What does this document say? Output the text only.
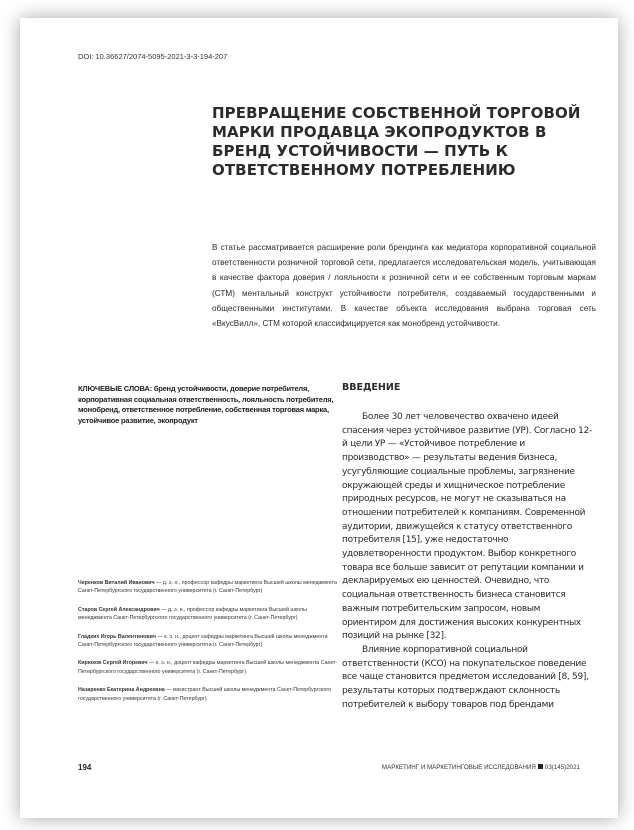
DOI: 10.36627/2074-5095-2021-3-3-194-207
ПРЕВРАЩЕНИЕ СОБСТВЕННОЙ ТОРГОВОЙ МАРКИ ПРОДАВЦА ЭКОПРОДУКТОВ В БРЕНД УСТОЙЧИВОСТИ — ПУТЬ К ОТВЕТСТВЕННОМУ ПОТРЕБЛЕНИЮ
В статье рассматривается расширение роли брендинга как медиатора корпоративной социальной ответственности розничной торговой сети, предлагается исследовательская модель, учитывающая в качестве фактора доверия / лояльности к розничной сети и ее собственным торговым маркам (СТМ) ментальный конструкт устойчивости потребителя, создаваемый государственными и общественными институтами. В качестве объекта исследования выбрана торговая сеть «ВкусВилл», СТМ которой классифицируется как монобренд устойчивости.
КЛЮЧЕВЫЕ СЛОВА: бренд устойчивости, доверие потребителя, корпоративная социальная ответственность, лояльность потребителя, монобренд, ответственное потребление, собственная торговая марка, устойчивое развитие, экопродукт
ВВЕДЕНИЕ

Более 30 лет человечество охвачено идеей спасения через устойчивое развитие (УР). Согласно 12-й цели УР — «Устойчивое потребление и производство» — результаты ведения бизнеса, усугубляющие социальные проблемы, загрязнение окружающей среды и хищническое потребление природных ресурсов, не могут не сказываться на отношении потребителей к компаниям. Современной аудитории, движущейся к статусу ответственного потребителя [15], уже недостаточно удовлетворенности продуктом. Выбор конкретного товара все больше зависит от репутации компании и декларируемых ею ценностей. Очевидно, что социальная ответственность бизнеса становится важным потребительским запросом, новым ориентиром для достижения высоких конкурентных позиций на рынке [32].

Влияние корпоративной социальной ответственности (КСО) на покупательское поведение все чаще становится предметом исследований [8, 59], результаты которых подтверждают склонность потребителей к выбору товаров под брендами

Черенков Виталий Иванович — д. э. н., профессор кафедры маркетинга Высшей школы менеджмента Санкт-Петербургского государственного университета (г. Санкт-Петербург)
Старов Сергей Александрович — д. э. н., профессор кафедры маркетинга Высшей школы менеджмента Санкт-Петербургского государственного университета (г. Санкт-Петербург)
Гладких Игорь Валентинович — к. э. н., доцент кафедры маркетинга Высшей школы менеджмента Санкт-Петербургского государственного университета (г. Санкт-Петербург)
Кирюков Сергей Игоревич — к. э. н., доцент кафедры маркетинга Высшей школы менеджмента Санкт-Петербургского государственного университета (г. Санкт-Петербург)
Назаренко Екатерина Андреевна — магистрант Высшей школы менеджмента Санкт-Петербургского государственного университета (г. Санкт-Петербург)
194	МАРКЕТИНГ И МАРКЕТИНГОВЫЕ ИССЛЕДОВАНИЯ 03(145)2021
